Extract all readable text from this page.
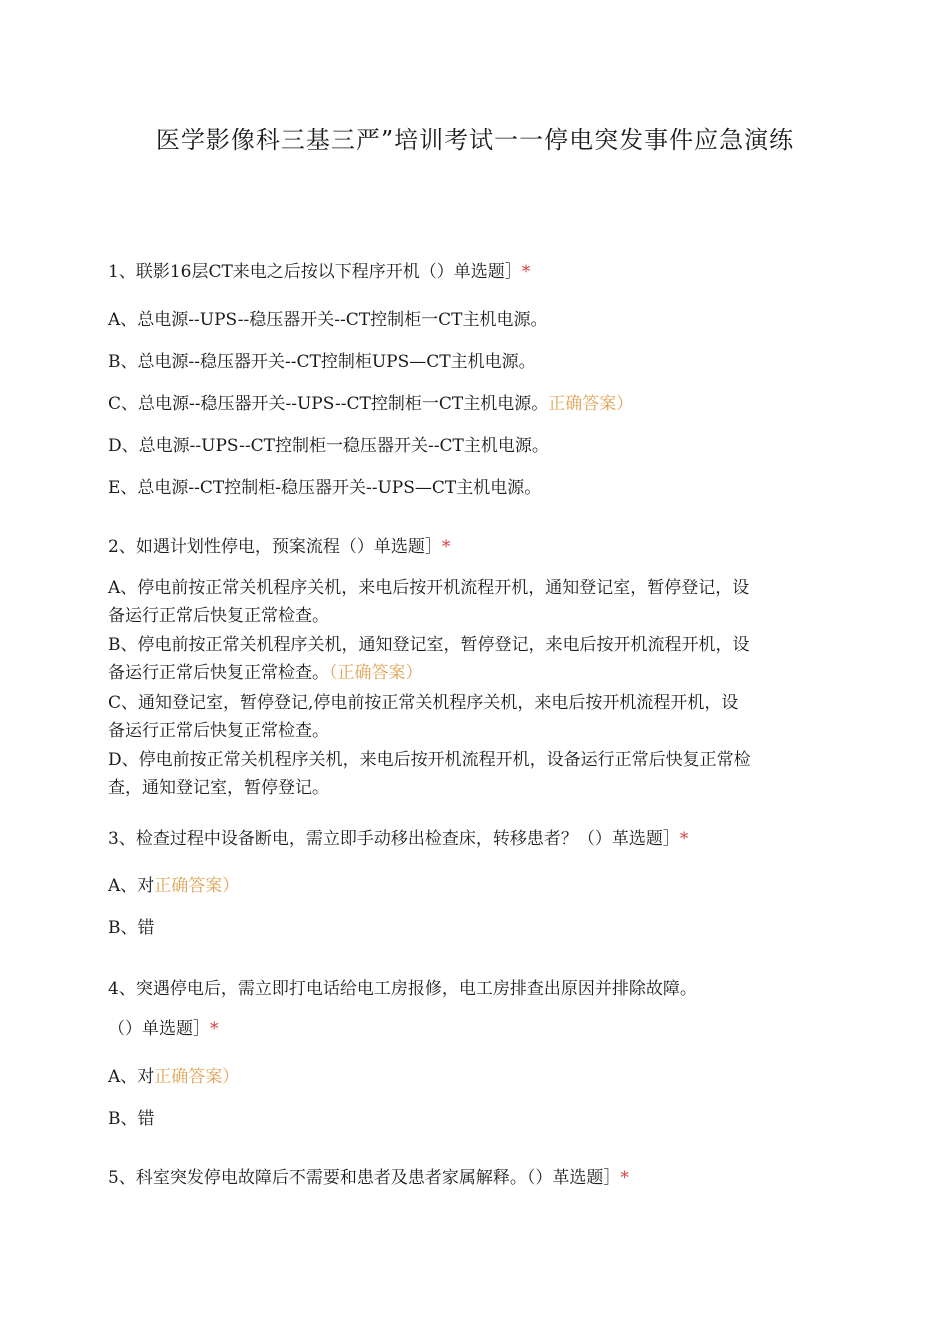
医学影像科三基三严”培训考试一一停电突发事件应急演练
1、联影16层CT来电之后按以下程序开机（）单选题］*
A、总电源--UPS--稳压器开关--CT控制柜一CT主机电源。
B、总电源--稳压器开关--CT控制柜UPS—CT主机电源。
C、总电源--稳压器开关--UPS--CT控制柜一CT主机电源。正确答案）
D、总电源--UPS--CT控制柜一稳压器开关--CT主机电源。
E、总电源--CT控制柜-稳压器开关--UPS—CT主机电源。
2、如遇计划性停电，预案流程（）单选题］*
A、停电前按正常关机程序关机，来电后按开机流程开机，通知登记室，暂停登记，设
备运行正常后快复正常检查。
B、停电前按正常关机程序关机，通知登记室，暂停登记，来电后按开机流程开机，设
备运行正常后快复正常检查。（正确答案）
C、通知登记室，暂停登记,停电前按正常关机程序关机，来电后按开机流程开机，设
备运行正常后快复正常检查。
D、停电前按正常关机程序关机，来电后按开机流程开机，设备运行正常后快复正常检
查，通知登记室，暂停登记。
3、检查过程中设备断电，需立即手动移出检查床，转移患者？（）革选题］*
A、对正确答案）
B、错
4、突遇停电后，需立即打电话给电工房报修，电工房排查出原因并排除故障。
（）单选题］*
A、对正确答案）
B、错
5、科室突发停电故障后不需要和患者及患者家属解释。（）革选题］*
